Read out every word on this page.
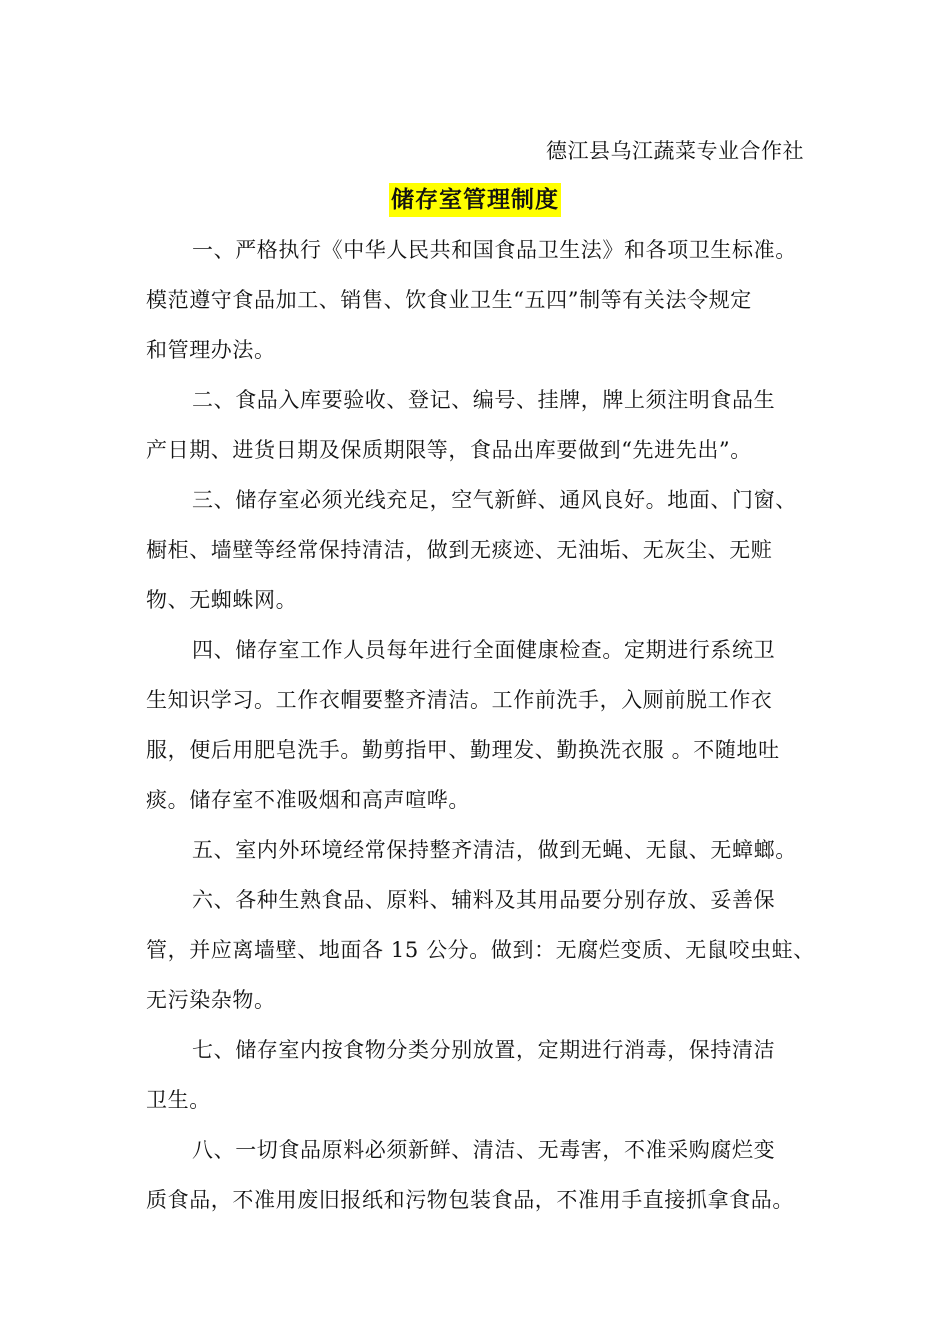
德江县乌江蔬菜专业合作社
储存室管理制度
一、严格执行《中华人民共和国食品卫生法》和各项卫生标准。
模范遵守食品加工、销售、饮食业卫生“五四”制等有关法令规定
和管理办法。
二、食品入库要验收、登记、编号、挂牌，牌上须注明食品生
产日期、进货日期及保质期限等，食品出库要做到“先进先出”。
三、储存室必须光线充足，空气新鲜、通风良好。地面、门窗、
橱柜、墙壁等经常保持清洁，做到无痰迹、无油垢、无灰尘、无赃
物、无蜘蛛网。
四、储存室工作人员每年进行全面健康检查。定期进行系统卫
生知识学习。工作衣帽要整齐清洁。工作前洗手，入厕前脱工作衣
服，便后用肥皂洗手。勤剪指甲、勤理发、勤换洗衣服 。不随地吐
痰。储存室不准吸烟和高声喧哗。
五、室内外环境经常保持整齐清洁，做到无蝇、无鼠、无蟑螂。
六、各种生熟食品、原料、辅料及其用品要分别存放、妥善保
管，并应离墙壁、地面各 15 公分。做到：无腐烂变质、无鼠咬虫蛀、
无污染杂物。
七、储存室内按食物分类分别放置，定期进行消毒，保持清洁
卫生。
八、一切食品原料必须新鲜、清洁、无毒害，不准采购腐烂变
质食品，不准用废旧报纸和污物包装食品，不准用手直接抓拿食品。
